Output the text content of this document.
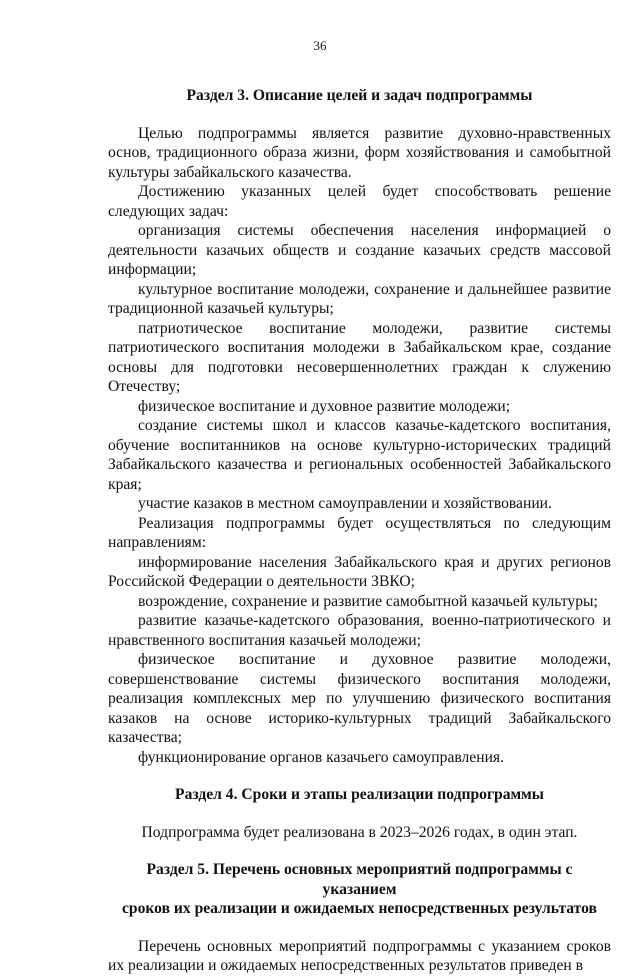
36
Раздел 3. Описание целей и задач подпрограммы

Целью подпрограммы является развитие духовно-нравственных основ, традиционного образа жизни, форм хозяйствования и самобытной культуры забайкальского казачества.

Достижению указанных целей будет способствовать решение следующих задач:

организация системы обеспечения населения информацией о деятельности казачьих обществ и создание казачьих средств массовой информации;

культурное воспитание молодежи, сохранение и дальнейшее развитие традиционной казачьей культуры;

патриотическое воспитание молодежи, развитие системы патриотического воспитания молодежи в Забайкальском крае, создание основы для подготовки несовершеннолетних граждан к служению Отечеству;

физическое воспитание и духовное развитие молодежи;

создание системы школ и классов казачье-кадетского воспитания, обучение воспитанников на основе культурно-исторических традиций Забайкальского казачества и региональных особенностей Забайкальского края;

участие казаков в местном самоуправлении и хозяйствовании.

Реализация подпрограммы будет осуществляться по следующим направлениям:

информирование населения Забайкальского края и других регионов Российской Федерации о деятельности ЗВКО;

возрождение, сохранение и развитие самобытной казачьей культуры;

развитие казачье-кадетского образования, военно-патриотического и нравственного воспитания казачьей молодежи;

физическое воспитание и духовное развитие молодежи, совершенствование системы физического воспитания молодежи, реализация комплексных мер по улучшению физического воспитания казаков на основе историко-культурных традиций Забайкальского казачества;

функционирование органов казачьего самоуправления.

Раздел 4. Сроки и этапы реализации подпрограммы

Подпрограмма будет реализована в 2023–2026 годах, в один этап.

Раздел 5. Перечень основных мероприятий подпрограммы с указанием
сроков их реализации и ожидаемых непосредственных результатов

Перечень основных мероприятий подпрограммы с указанием сроков их реализации и ожидаемых непосредственных результатов приведен в
